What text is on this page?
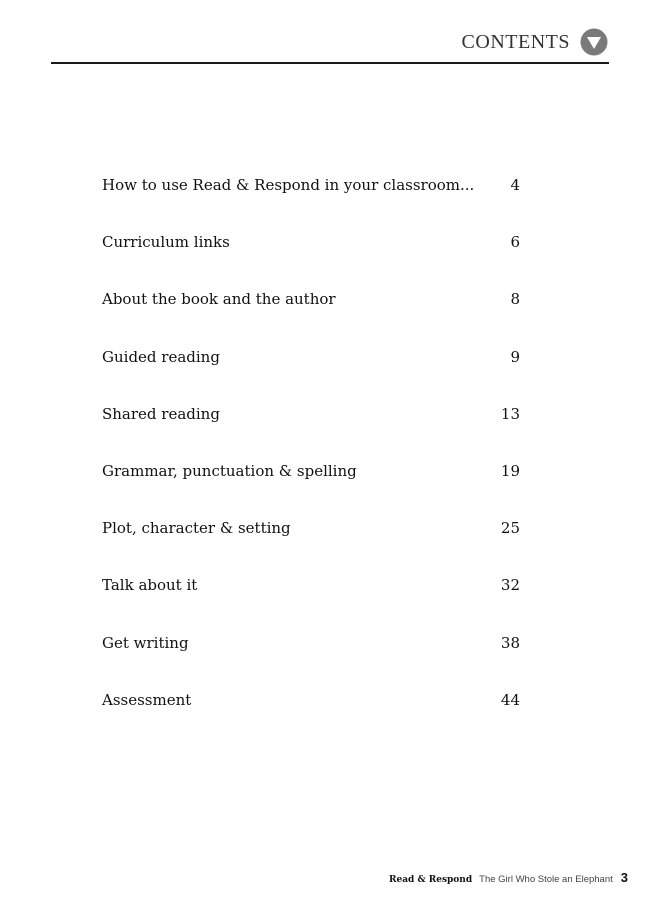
CONTENTS
How to use Read & Respond in your classroom...	4
Curriculum links	6
About the book and the author	8
Guided reading	9
Shared reading	13
Grammar, punctuation & spelling	19
Plot, character & setting	25
Talk about it	32
Get writing	38
Assessment	44
Read & Respond The Girl Who Stole an Elephant 3
